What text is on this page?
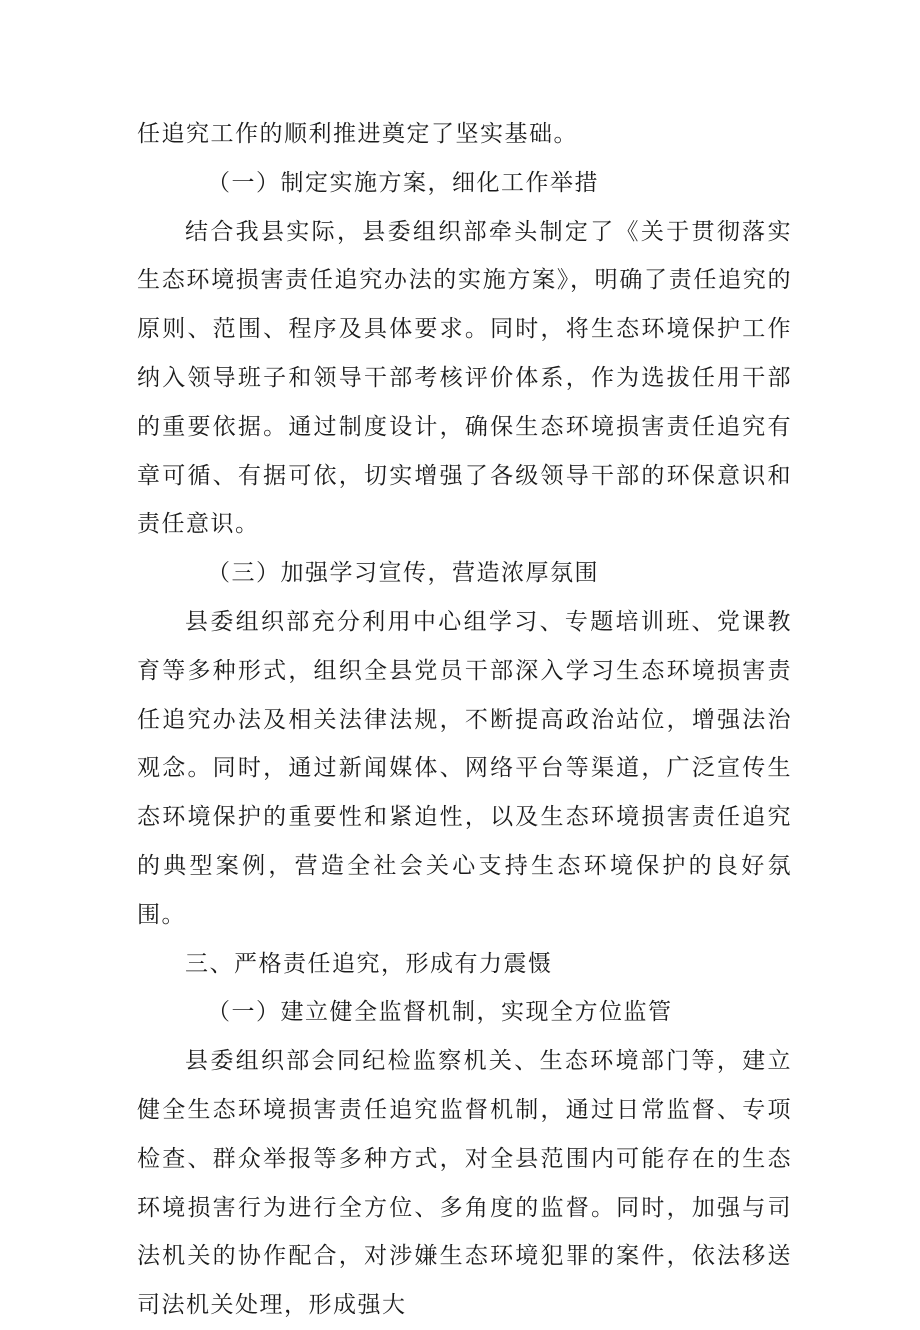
任追究工作的顺利推进奠定了坚实基础。

（一）制定实施方案，细化工作举措

结合我县实际，县委组织部牵头制定了《关于贯彻落实生态环境损害责任追究办法的实施方案》，明确了责任追究的原则、范围、程序及具体要求。同时，将生态环境保护工作纳入领导班子和领导干部考核评价体系，作为选拔任用干部的重要依据。通过制度设计，确保生态环境损害责任追究有章可循、有据可依，切实增强了各级领导干部的环保意识和责任意识。

（三）加强学习宣传，营造浓厚氛围

县委组织部充分利用中心组学习、专题培训班、党课教育等多种形式，组织全县党员干部深入学习生态环境损害责任追究办法及相关法律法规，不断提高政治站位，增强法治观念。同时，通过新闻媒体、网络平台等渠道，广泛宣传生态环境保护的重要性和紧迫性，以及生态环境损害责任追究的典型案例，营造全社会关心支持生态环境保护的良好氛围。

三、严格责任追究，形成有力震慑

（一）建立健全监督机制，实现全方位监管

县委组织部会同纪检监察机关、生态环境部门等，建立健全生态环境损害责任追究监督机制，通过日常监督、专项检查、群众举报等多种方式，对全县范围内可能存在的生态环境损害行为进行全方位、多角度的监督。同时，加强与司法机关的协作配合，对涉嫌生态环境犯罪的案件，依法移送司法机关处理，形成强大
